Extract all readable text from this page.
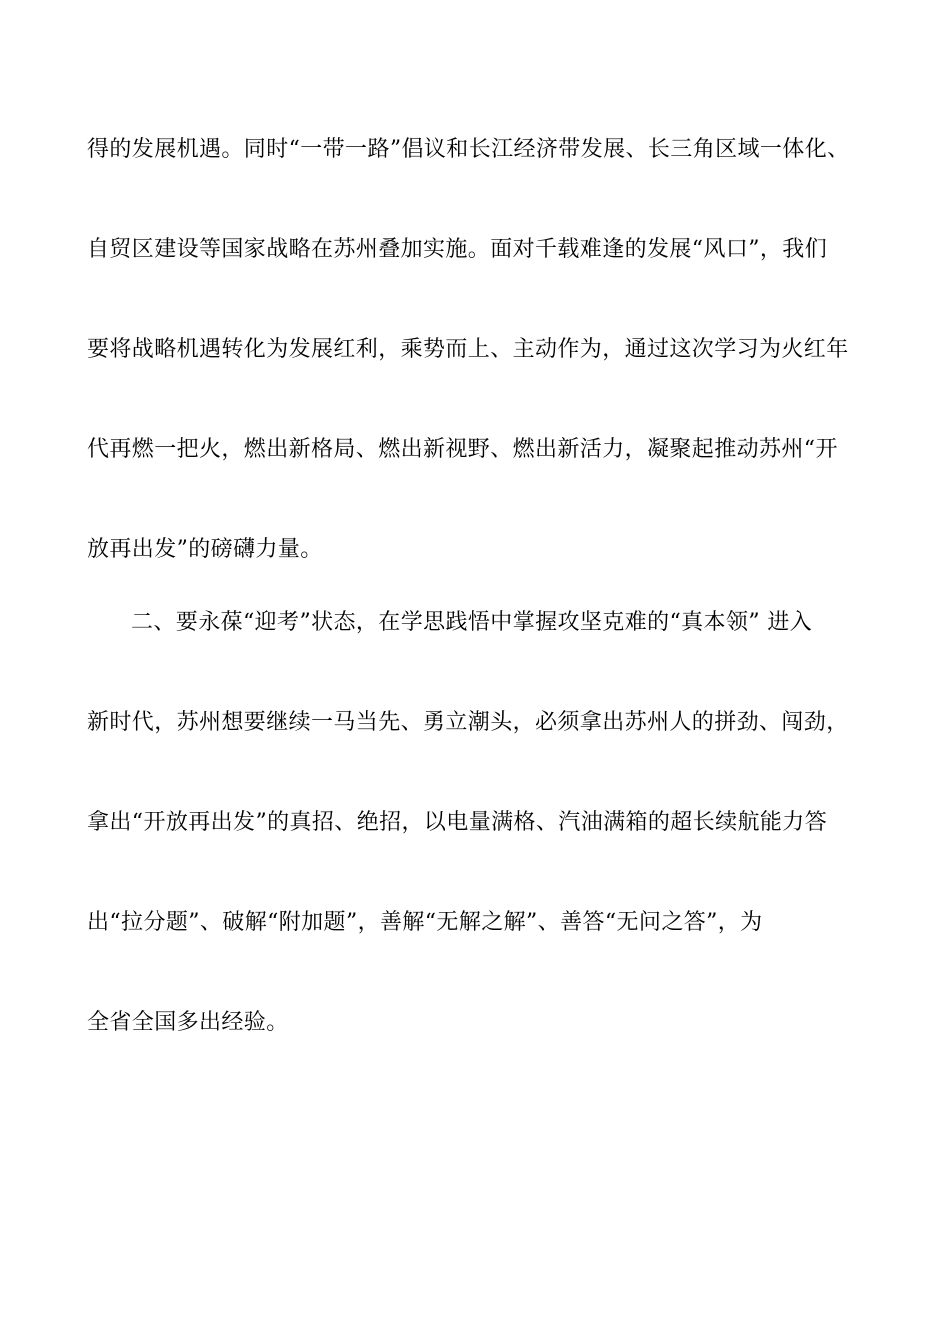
得的发展机遇。同时“一带一路”倡议和长江经济带发展、长三角区域一体化、
自贸区建设等国家战略在苏州叠加实施。面对千载难逢的发展“风口”，我们
要将战略机遇转化为发展红利，乘势而上、主动作为，通过这次学习为火红年
代再燃一把火，燃出新格局、燃出新视野、燃出新活力，凝聚起推动苏州“开
放再出发”的磅礴力量。
二、要永葆“迎考”状态，在学思践悟中掌握攻坚克难的“真本领” 进入
新时代，苏州想要继续一马当先、勇立潮头，必须拿出苏州人的拼劲、闯劲，
拿出“开放再出发”的真招、绝招，以电量满格、汽油满箱的超长续航能力答
出“拉分题”、破解“附加题”，善解“无解之解”、善答“无问之答”，为
全省全国多出经验。
